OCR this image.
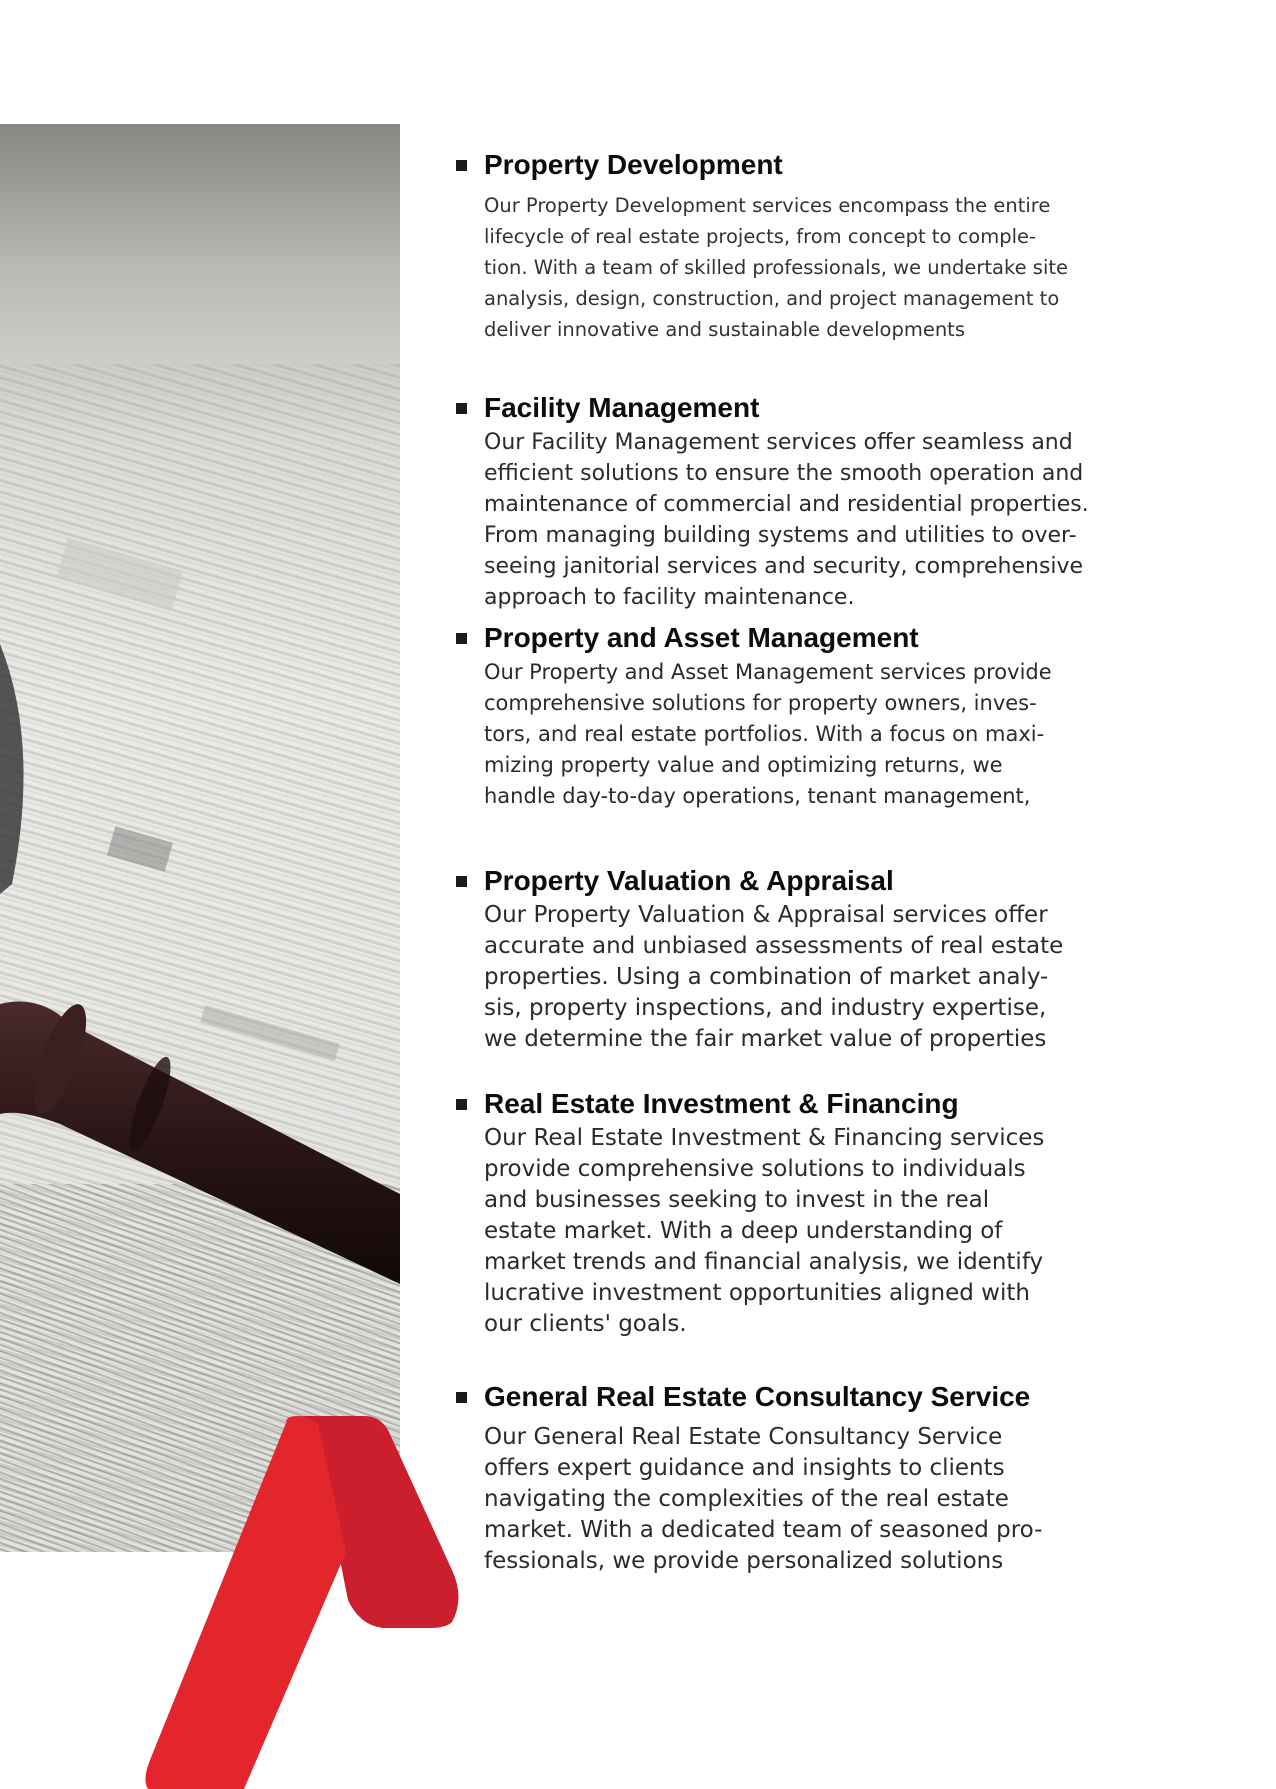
Property Development

Our Property Development services encompass the entire
lifecycle of real estate projects, from concept to comple-
tion. With a team of skilled professionals, we undertake site
analysis, design, construction, and project management to
deliver innovative and sustainable developments

Facility Management

Our Facility Management services offer seamless and
efficient solutions to ensure the smooth operation and
maintenance of commercial and residential properties.
From managing building systems and utilities to over-
seeing janitorial services and security, comprehensive
approach to facility maintenance.

Property and Asset Management

Our Property and Asset Management services provide
comprehensive solutions for property owners, inves-
tors, and real estate portfolios. With a focus on maxi-
mizing property value and optimizing returns, we
handle day-to-day operations, tenant management,

Property Valuation & Appraisal

Our Property Valuation & Appraisal services offer
accurate and unbiased assessments of real estate
properties. Using a combination of market analy-
sis, property inspections, and industry expertise,
we determine the fair market value of properties

Real Estate Investment & Financing

Our Real Estate Investment & Financing services
provide comprehensive solutions to individuals
and businesses seeking to invest in the real
estate market. With a deep understanding of
market trends and financial analysis, we identify
lucrative investment opportunities aligned with
our clients' goals.

General Real Estate Consultancy Service

Our General Real Estate Consultancy Service
offers expert guidance and insights to clients
navigating the complexities of the real estate
market. With a dedicated team of seasoned pro-
fessionals, we provide personalized solutions
